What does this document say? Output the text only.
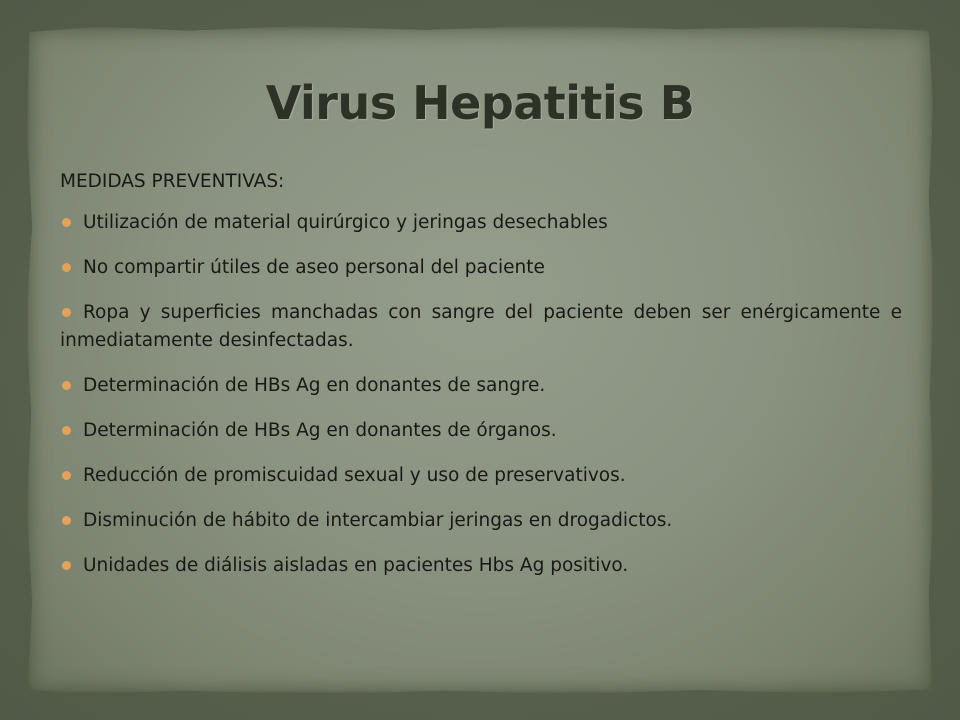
Virus Hepatitis B
MEDIDAS PREVENTIVAS:
Utilización de material quirúrgico y jeringas desechables
No compartir útiles de aseo personal del paciente
Ropa y superficies manchadas con sangre del paciente deben ser enérgicamente e inmediatamente desinfectadas.
Determinación de HBs Ag en donantes de sangre.
Determinación de HBs Ag en donantes de órganos.
Reducción de promiscuidad sexual y uso de preservativos.
Disminución de hábito de intercambiar jeringas en drogadictos.
Unidades de diálisis aisladas en pacientes Hbs Ag positivo.
